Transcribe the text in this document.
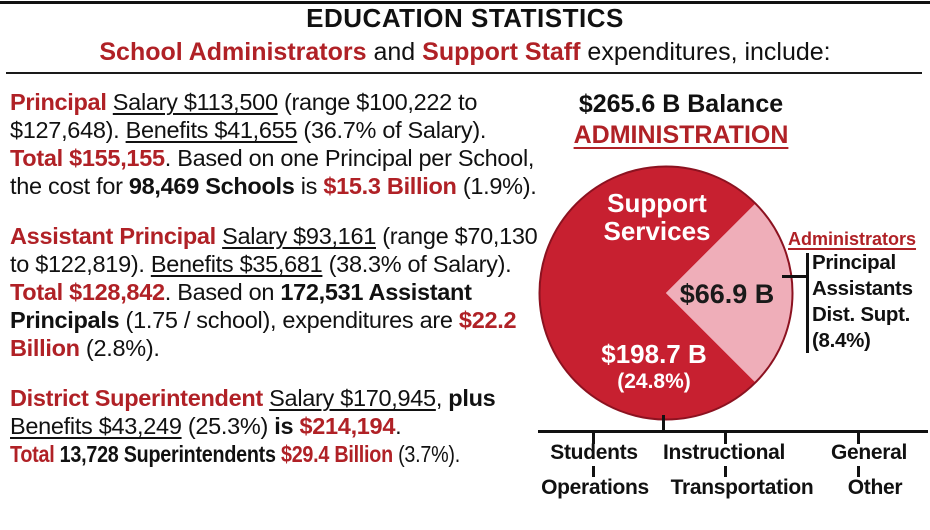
EDUCATION STATISTICS
School Administrators and Support Staff expenditures, include:

Principal Salary $113,500 (range $100,222 to $127,648). Benefits $41,655 (36.7% of Salary). Total $155,155. Based on one Principal per School, the cost for 98,469 Schools is $15.3 Billion (1.9%).

Assistant Principal Salary $93,161 (range $70,130 to $122,819). Benefits $35,681 (38.3% of Salary). Total $128,842. Based on 172,531 Assistant Principals (1.75 / school), expenditures are $22.2 Billion (2.8%).

District Superintendent Salary $170,945, plus Benefits $43,249 (25.3%) is $214,194.Total 13,728 Superintendents $29.4 Billion (3.7%).

$265.6 B Balance
ADMINISTRATION
Support
Services
$66.9 B
$198.7 B
(24.8%)
Administrators
Principal
Assistants
Dist. Supt.
(8.4%)
Students Instructional General
Operations Transportation Other
